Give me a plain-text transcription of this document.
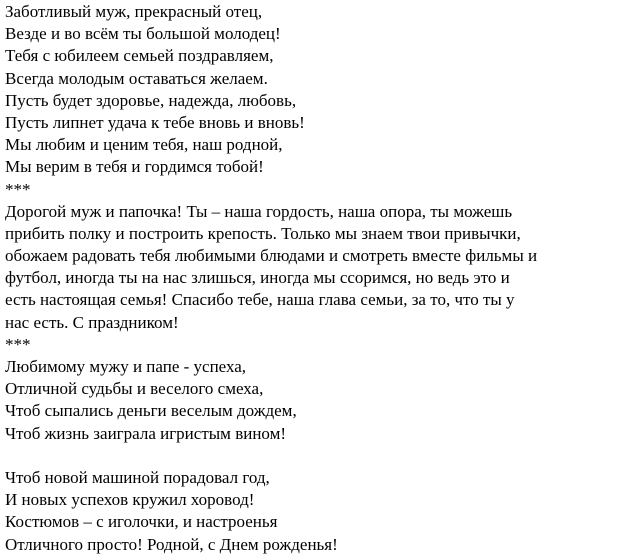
Заботливый муж, прекрасный отец,
Везде и во всём ты большой молодец!
Тебя с юбилеем семьей поздравляем,
Всегда молодым оставаться желаем.
Пусть будет здоровье, надежда, любовь,
Пусть липнет удача к тебе вновь и вновь!
Мы любим и ценим тебя, наш родной,
Мы верим в тебя и гордимся тобой!
***
Дорогой муж и папочка! Ты – наша гордость, наша опора, ты можешь
прибить полку и построить крепость. Только мы знаем твои привычки,
обожаем радовать тебя любимыми блюдами и смотреть вместе фильмы и
футбол, иногда ты на нас злишься, иногда мы ссоримся, но ведь это и
есть настоящая семья! Спасибо тебе, наша глава семьи, за то, что ты у
нас есть. С праздником!
***
Любимому мужу и папе - успеха,
Отличной судьбы и веселого смеха,
Чтоб сыпались деньги веселым дождем,
Чтоб жизнь заиграла игристым вином!
Чтоб новой машиной порадовал год,
И новых успехов кружил хоровод!
Костюмов – с иголочки, и настроенья
Отличного просто! Родной, с Днем рожденья!
